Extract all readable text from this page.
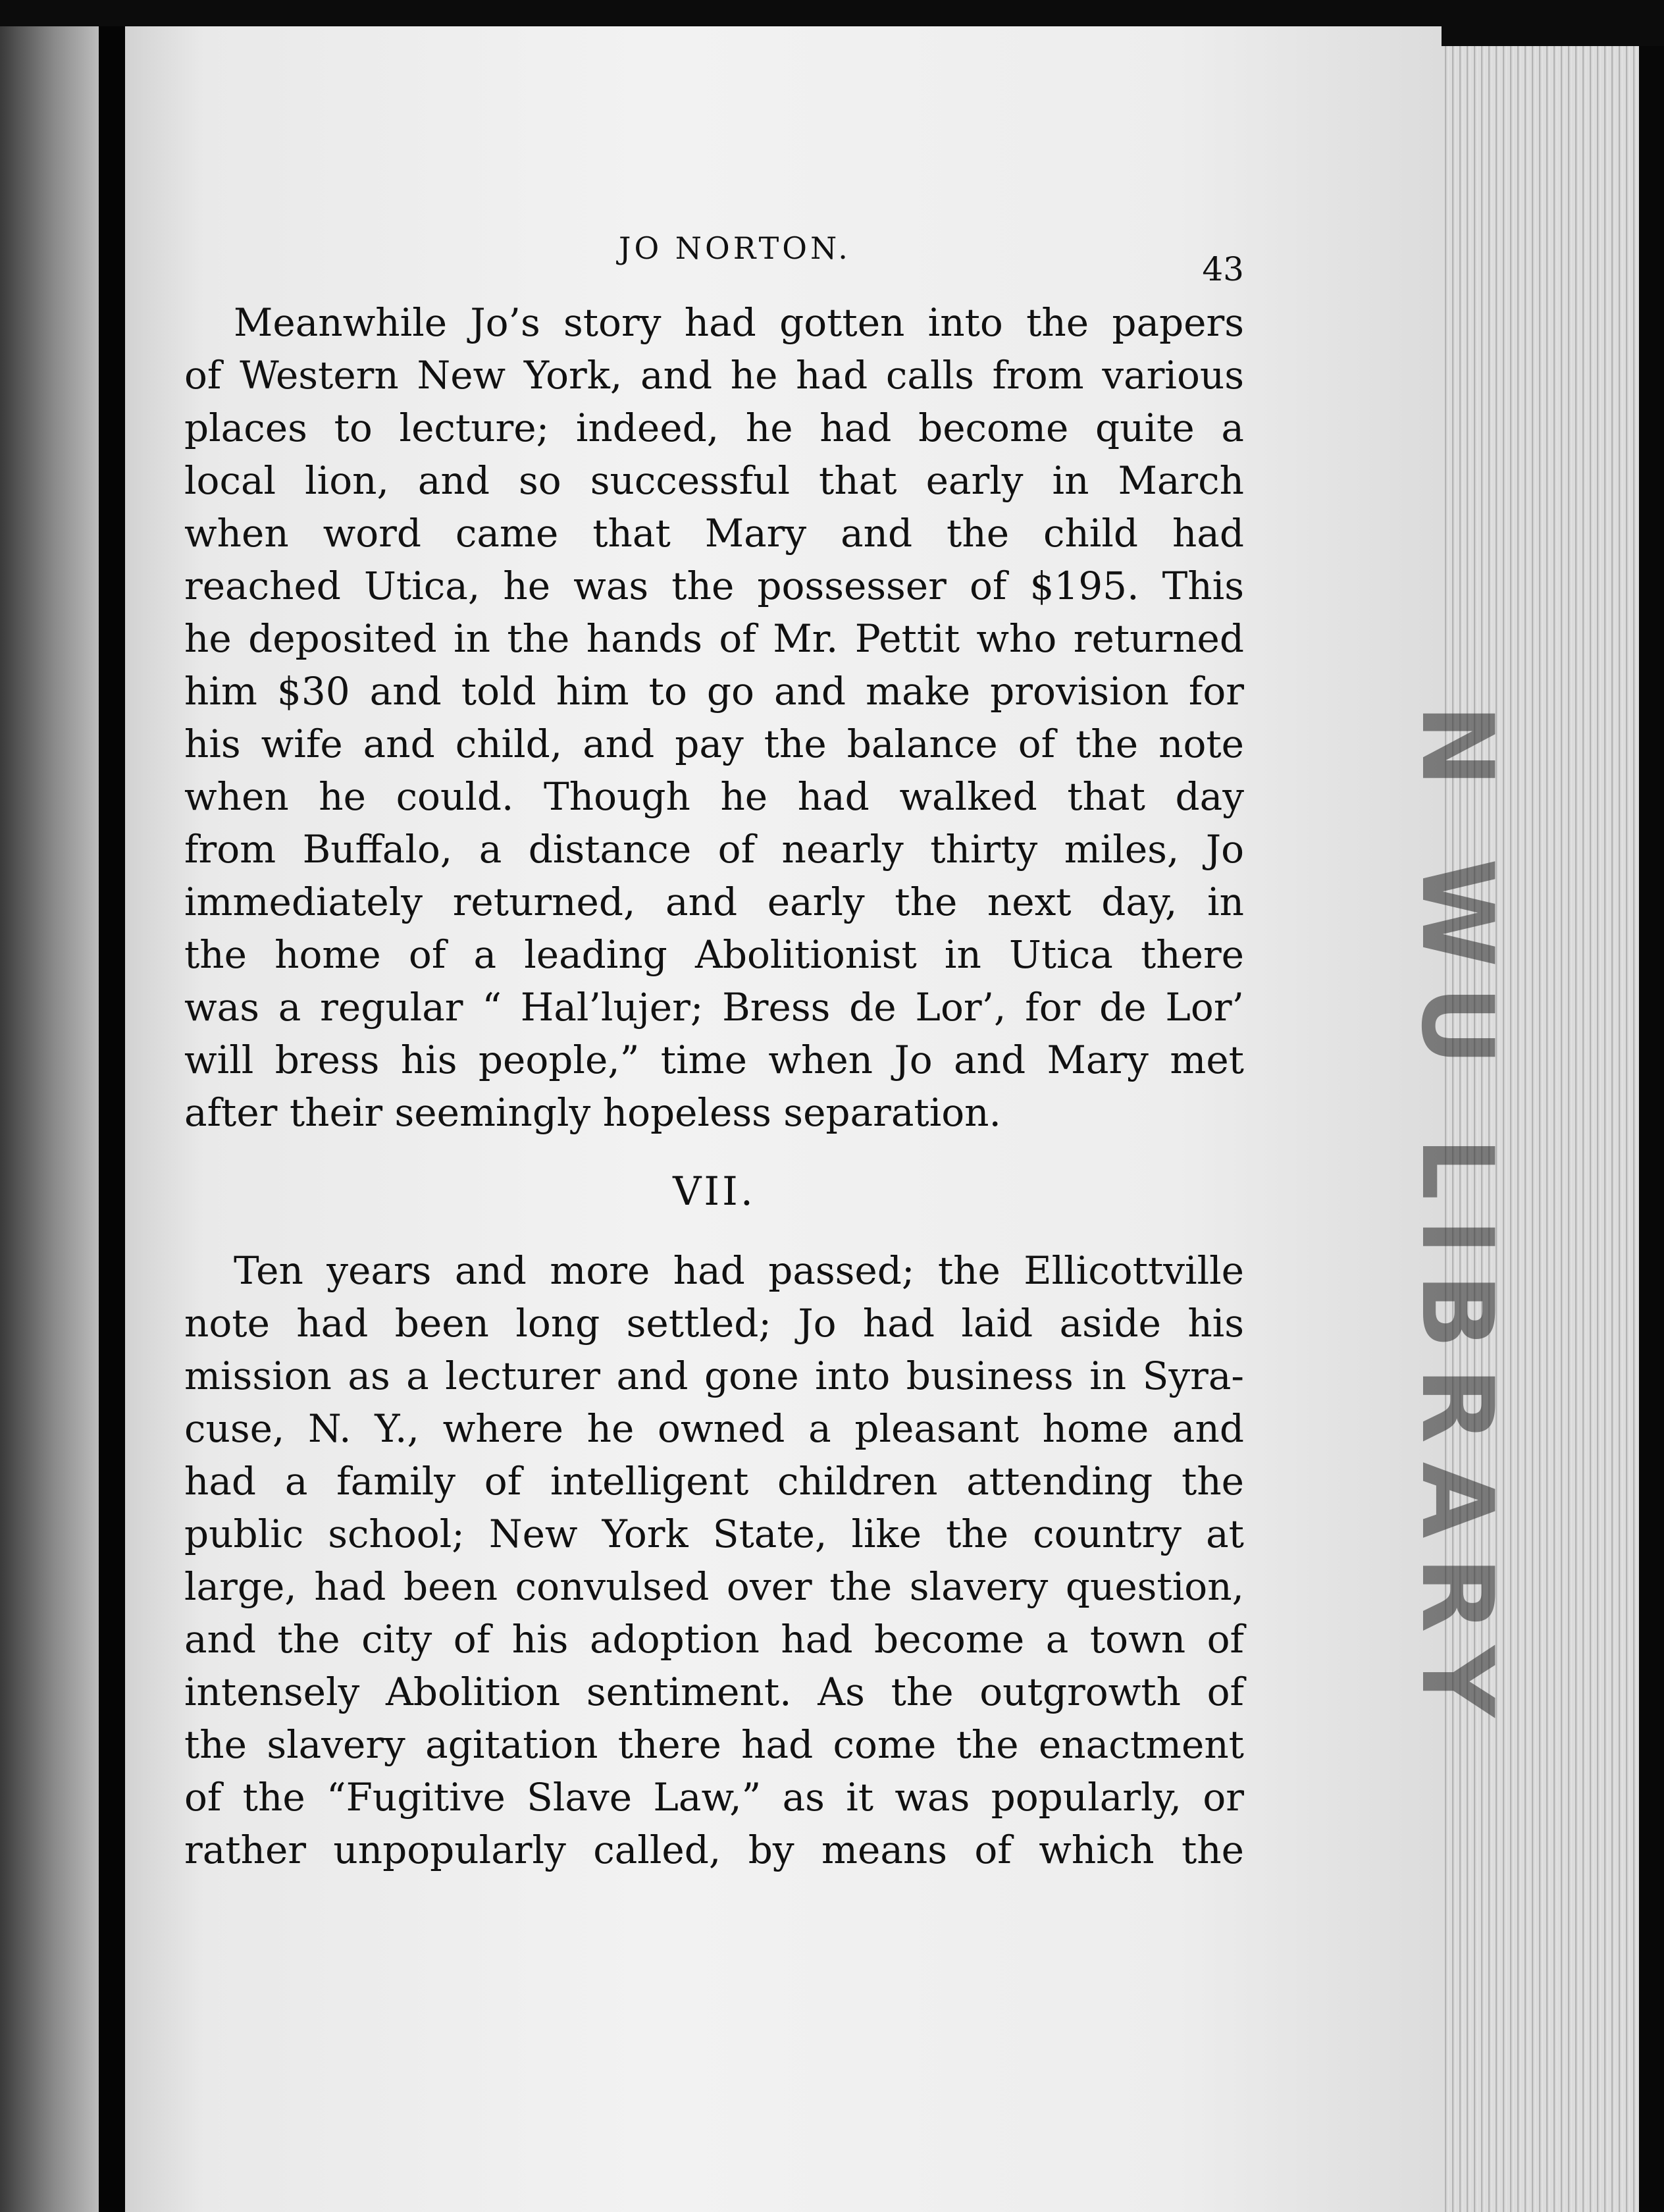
N WU LIBRARY
JO NORTON.
43

Meanwhile Jo’s story had gotten into the papers

of Western New York, and he had calls from various

places to lecture; indeed, he had become quite a

local lion, and so successful that early in March

when word came that Mary and the child had

reached Utica, he was the possesser of $195. This

he deposited in the hands of Mr. Pettit who returned

him $30 and told him to go and make provision for

his wife and child, and pay the balance of the note

when he could. Though he had walked that day

from Buffalo, a distance of nearly thirty miles, Jo

immediately returned, and early the next day, in

the home of a leading Abolitionist in Utica there

was a regular “ Hal’lujer; Bress de Lor’, for de Lor’

will bress his people,” time when Jo and Mary met

after their seemingly hopeless separation.

VII.

Ten years and more had passed; the Ellicottville

note had been long settled; Jo had laid aside his

mission as a lecturer and gone into business in Syra-

cuse, N. Y., where he owned a pleasant home and

had a family of intelligent children attending the

public school; New York State, like the country at

large, had been convulsed over the slavery question,

and the city of his adoption had become a town of

intensely Abolition sentiment. As the outgrowth of

the slavery agitation there had come the enactment

of the “Fugitive Slave Law,” as it was popularly, or

rather unpopularly called, by means of which the
